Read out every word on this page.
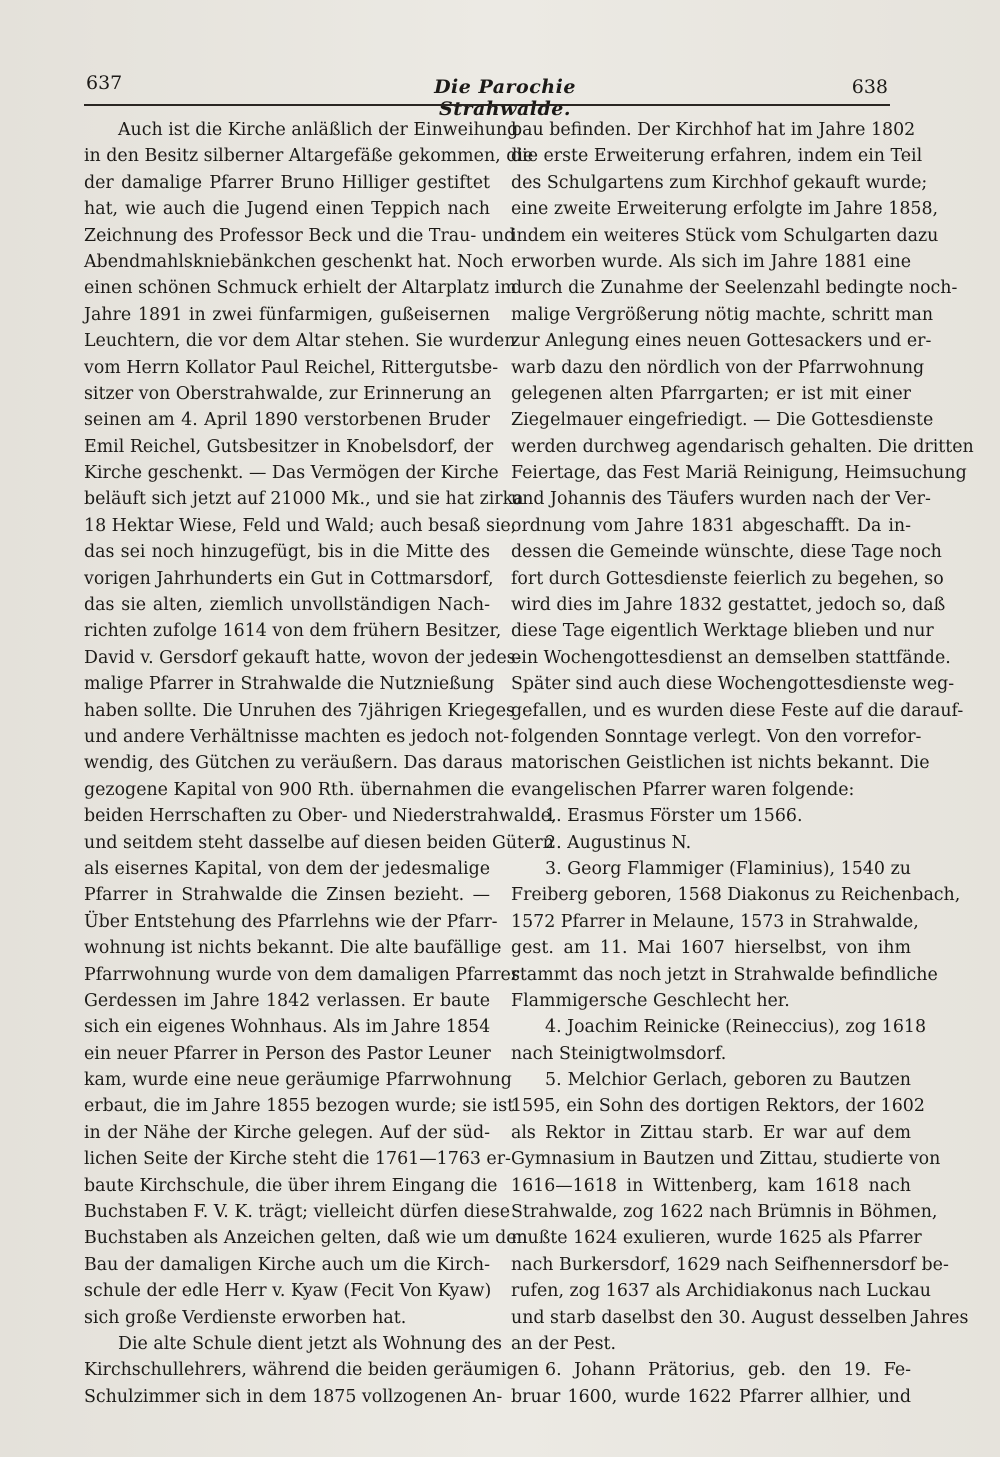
637	Die Parochie Strahwalde.
638
Auch ist die Kirche anläßlich der Einweihung
in den Besitz silberner Altargefäße gekommen, die
der damalige Pfarrer Bruno Hilliger gestiftet
hat, wie auch die Jugend einen Teppich nach
Zeichnung des Professor Beck und die Trau- und
Abendmahlskniebänkchen geschenkt hat. Noch
einen schönen Schmuck erhielt der Altarplatz im
Jahre 1891 in zwei fünfarmigen, gußeisernen
Leuchtern, die vor dem Altar stehen. Sie wurden
vom Herrn Kollator Paul Reichel, Rittergutsbe-
sitzer von Oberstrahwalde, zur Erinnerung an
seinen am 4. April 1890 verstorbenen Bruder
Emil Reichel, Gutsbesitzer in Knobelsdorf, der
Kirche geschenkt. — Das Vermögen der Kirche
beläuft sich jetzt auf 21000 Mk., und sie hat zirka
18 Hektar Wiese, Feld und Wald; auch besaß sie,
das sei noch hinzugefügt, bis in die Mitte des
vorigen Jahrhunderts ein Gut in Cottmarsdorf,
das sie alten, ziemlich unvollständigen Nach-
richten zufolge 1614 von dem frühern Besitzer,
David v. Gersdorf gekauft hatte, wovon der jedes-
malige Pfarrer in Strahwalde die Nutznießung
haben sollte. Die Unruhen des 7jährigen Krieges
und andere Verhältnisse machten es jedoch not-
wendig, des Gütchen zu veräußern. Das daraus
gezogene Kapital von 900 Rth. übernahmen die
beiden Herrschaften zu Ober- und Niederstrahwalde,
und seitdem steht dasselbe auf diesen beiden Gütern
als eisernes Kapital, von dem der jedesmalige
Pfarrer in Strahwalde die Zinsen bezieht. —
Über Entstehung des Pfarrlehns wie der Pfarr-
wohnung ist nichts bekannt. Die alte baufällige
Pfarrwohnung wurde von dem damaligen Pfarrer
Gerdessen im Jahre 1842 verlassen. Er baute
sich ein eigenes Wohnhaus. Als im Jahre 1854
ein neuer Pfarrer in Person des Pastor Leuner
kam, wurde eine neue geräumige Pfarrwohnung
erbaut, die im Jahre 1855 bezogen wurde; sie ist
in der Nähe der Kirche gelegen. Auf der süd-
lichen Seite der Kirche steht die 1761—1763 er-
baute Kirchschule, die über ihrem Eingang die
Buchstaben F. V. K. trägt; vielleicht dürfen diese
Buchstaben als Anzeichen gelten, daß wie um den
Bau der damaligen Kirche auch um die Kirch-
schule der edle Herr v. Kyaw (Fecit Von Kyaw)
sich große Verdienste erworben hat.
Die alte Schule dient jetzt als Wohnung des
Kirchschullehrers, während die beiden geräumigen
Schulzimmer sich in dem 1875 vollzogenen An-
bau befinden. Der Kirchhof hat im Jahre 1802
die erste Erweiterung erfahren, indem ein Teil
des Schulgartens zum Kirchhof gekauft wurde;
eine zweite Erweiterung erfolgte im Jahre 1858,
indem ein weiteres Stück vom Schulgarten dazu
erworben wurde. Als sich im Jahre 1881 eine
durch die Zunahme der Seelenzahl bedingte noch-
malige Vergrößerung nötig machte, schritt man
zur Anlegung eines neuen Gottesackers und er-
warb dazu den nördlich von der Pfarrwohnung
gelegenen alten Pfarrgarten; er ist mit einer
Ziegelmauer eingefriedigt. — Die Gottesdienste
werden durchweg agendarisch gehalten. Die dritten
Feiertage, das Fest Mariä Reinigung, Heimsuchung
und Johannis des Täufers wurden nach der Ver-
ordnung vom Jahre 1831 abgeschafft. Da in-
dessen die Gemeinde wünschte, diese Tage noch
fort durch Gottesdienste feierlich zu begehen, so
wird dies im Jahre 1832 gestattet, jedoch so, daß
diese Tage eigentlich Werktage blieben und nur
ein Wochengottesdienst an demselben stattfände.
Später sind auch diese Wochengottesdienste weg-
gefallen, und es wurden diese Feste auf die darauf-
folgenden Sonntage verlegt. Von den vorrefor-
matorischen Geistlichen ist nichts bekannt. Die
evangelischen Pfarrer waren folgende:
1. Erasmus Förster um 1566.
2. Augustinus N.
3. Georg Flammiger (Flaminius), 1540 zu
Freiberg geboren, 1568 Diakonus zu Reichenbach,
1572 Pfarrer in Melaune, 1573 in Strahwalde,
gest. am 11. Mai 1607 hierselbst, von ihm
stammt das noch jetzt in Strahwalde befindliche
Flammigersche Geschlecht her.
4. Joachim Reinicke (Reineccius), zog 1618
nach Steinigtwolmsdorf.
5. Melchior Gerlach, geboren zu Bautzen
1595, ein Sohn des dortigen Rektors, der 1602
als Rektor in Zittau starb. Er war auf dem
Gymnasium in Bautzen und Zittau, studierte von
1616—1618 in Wittenberg, kam 1618 nach
Strahwalde, zog 1622 nach Brümnis in Böhmen,
mußte 1624 exulieren, wurde 1625 als Pfarrer
nach Burkersdorf, 1629 nach Seifhennersdorf be-
rufen, zog 1637 als Archidiakonus nach Luckau
und starb daselbst den 30. August desselben Jahres
an der Pest.
6. Johann Prätorius, geb. den 19. Fe-
bruar 1600, wurde 1622 Pfarrer allhier, und
